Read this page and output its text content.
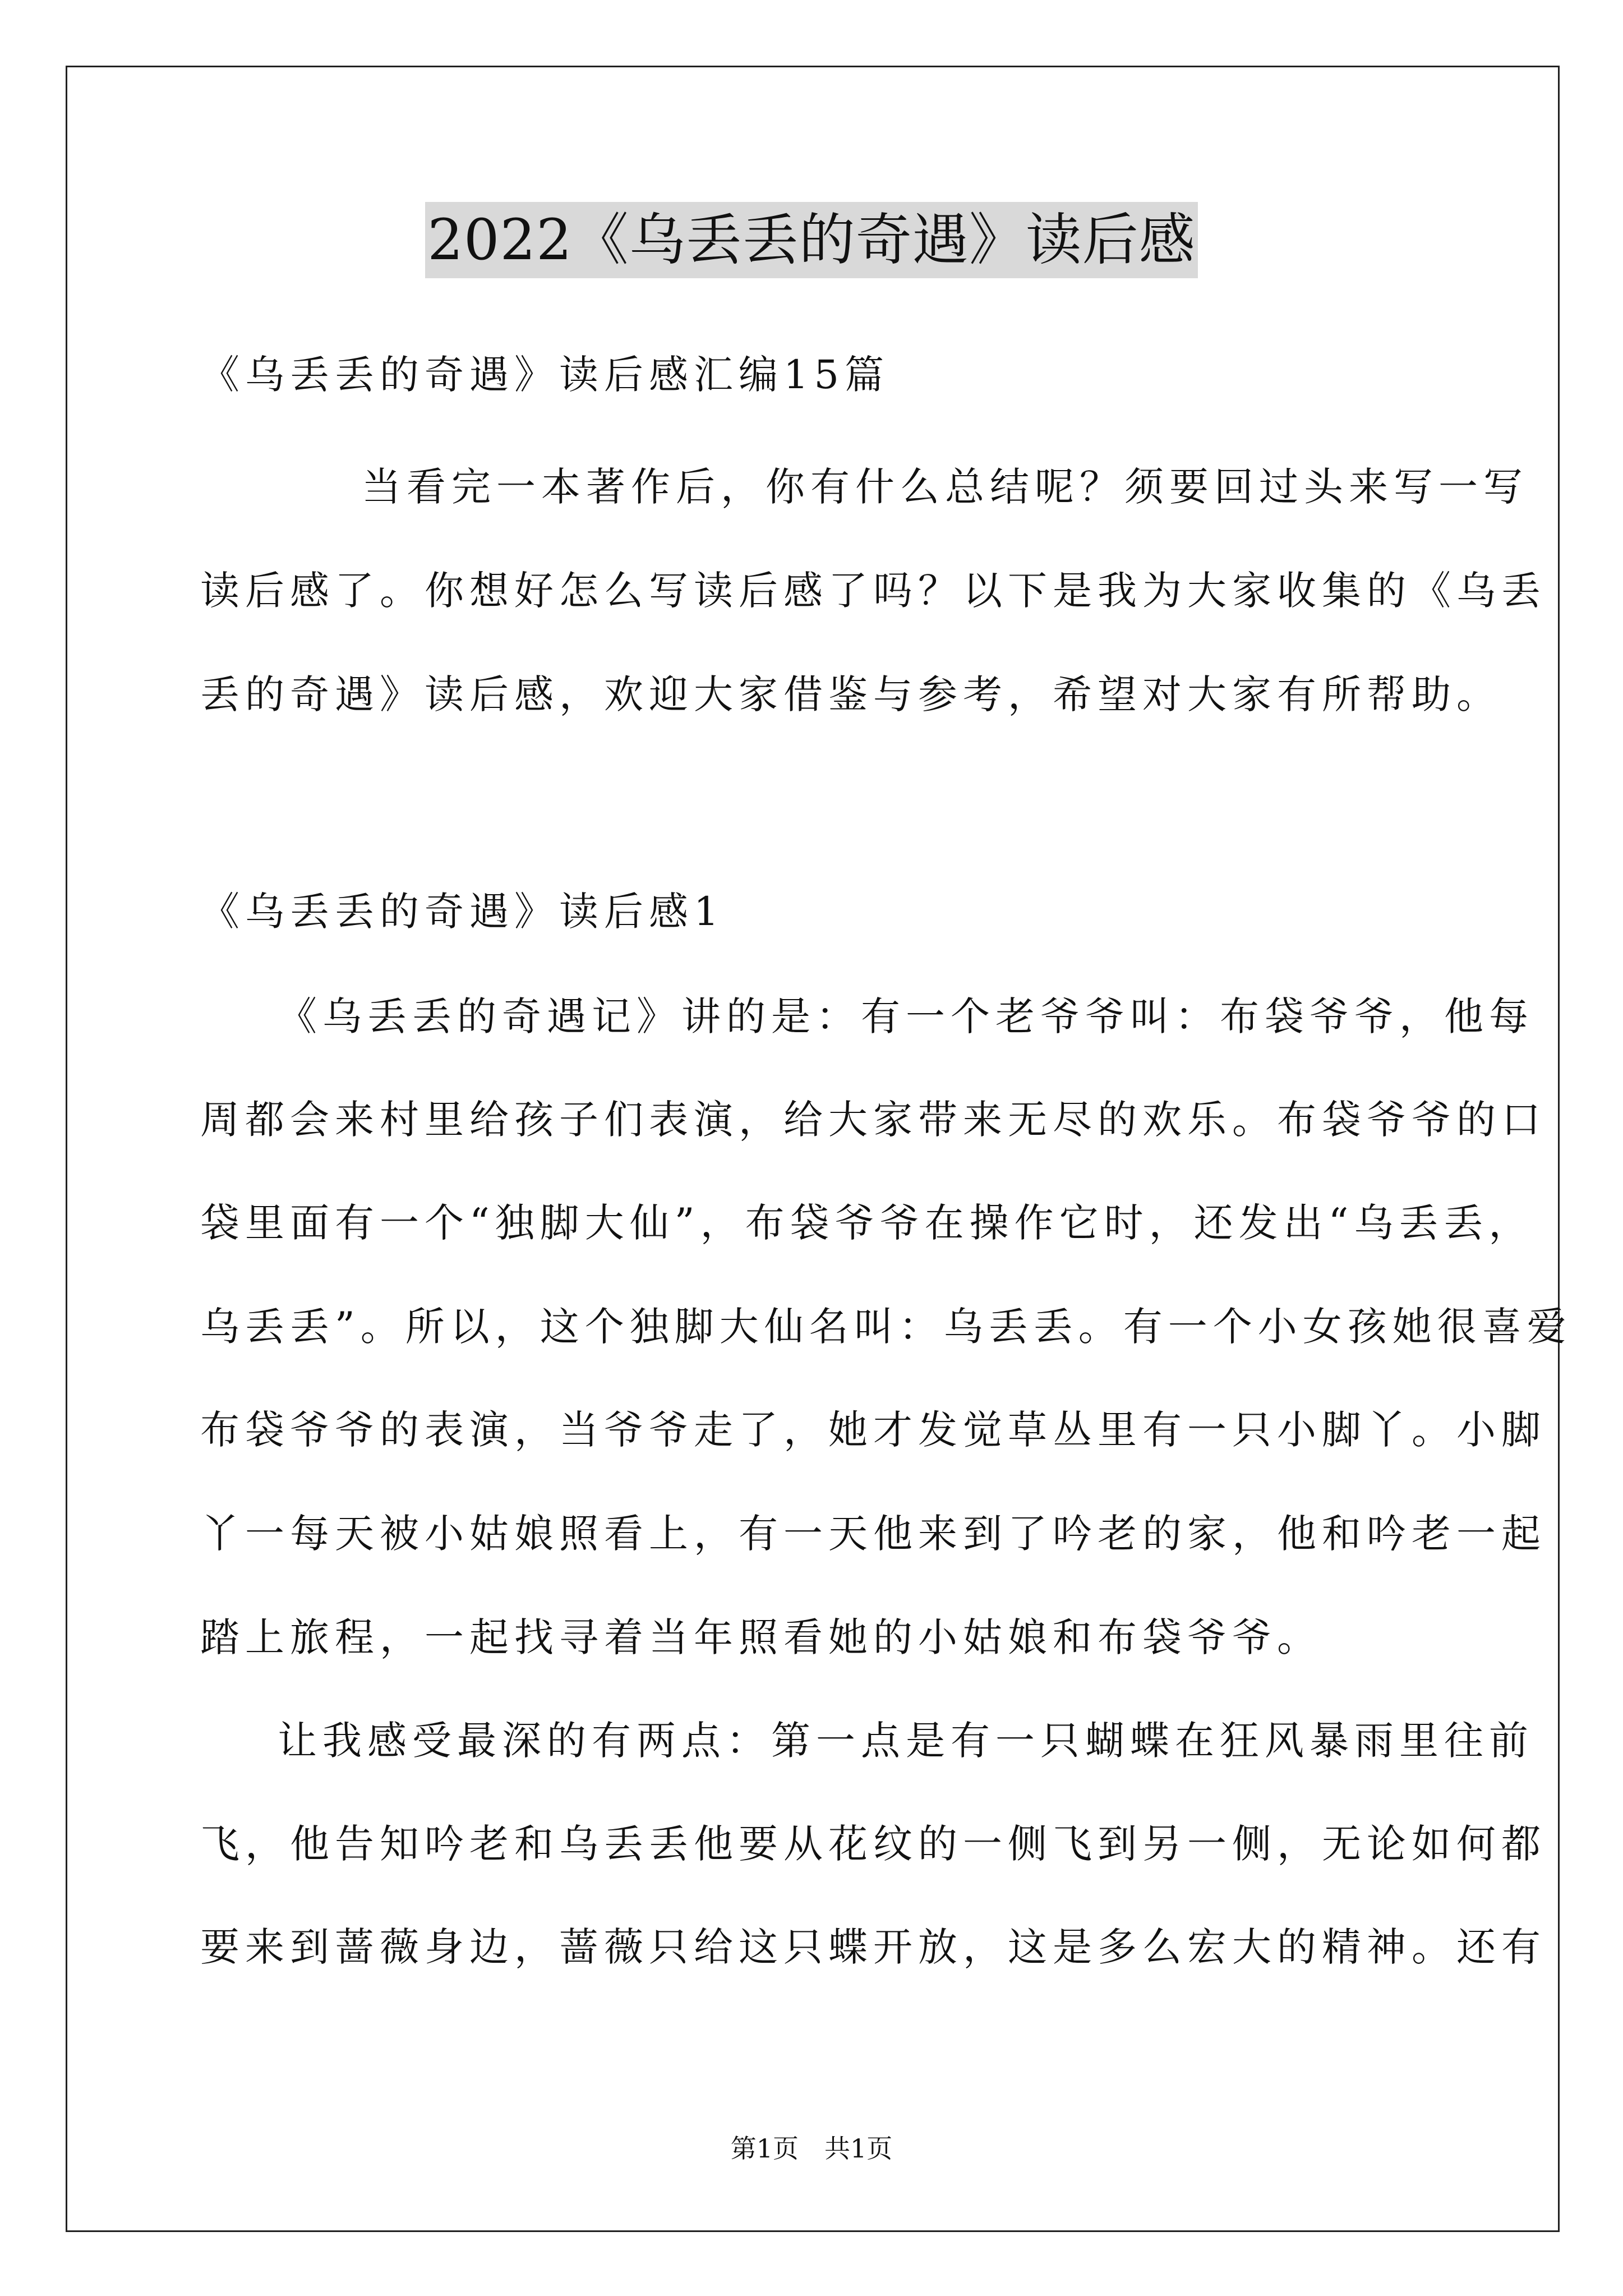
2022《乌丢丢的奇遇》读后感
《乌丢丢的奇遇》读后感汇编15篇
当看完一本著作后，你有什么总结呢？须要回过头来写一写
读后感了。你想好怎么写读后感了吗？以下是我为大家收集的《乌丢
丢的奇遇》读后感，欢迎大家借鉴与参考，希望对大家有所帮助。
《乌丢丢的奇遇》读后感1
《乌丢丢的奇遇记》讲的是：有一个老爷爷叫：布袋爷爷，他每
周都会来村里给孩子们表演，给大家带来无尽的欢乐。布袋爷爷的口
袋里面有一个“独脚大仙”，布袋爷爷在操作它时，还发出“乌丢丢，
乌丢丢”。所以，这个独脚大仙名叫：乌丢丢。有一个小女孩她很喜爱
布袋爷爷的表演，当爷爷走了，她才发觉草丛里有一只小脚丫。小脚
丫一每天被小姑娘照看上，有一天他来到了吟老的家，他和吟老一起
踏上旅程，一起找寻着当年照看她的小姑娘和布袋爷爷。
让我感受最深的有两点：第一点是有一只蝴蝶在狂风暴雨里往前
飞，他告知吟老和乌丢丢他要从花纹的一侧飞到另一侧，无论如何都
要来到蔷薇身边，蔷薇只给这只蝶开放，这是多么宏大的精神。还有
第1页　共1页
